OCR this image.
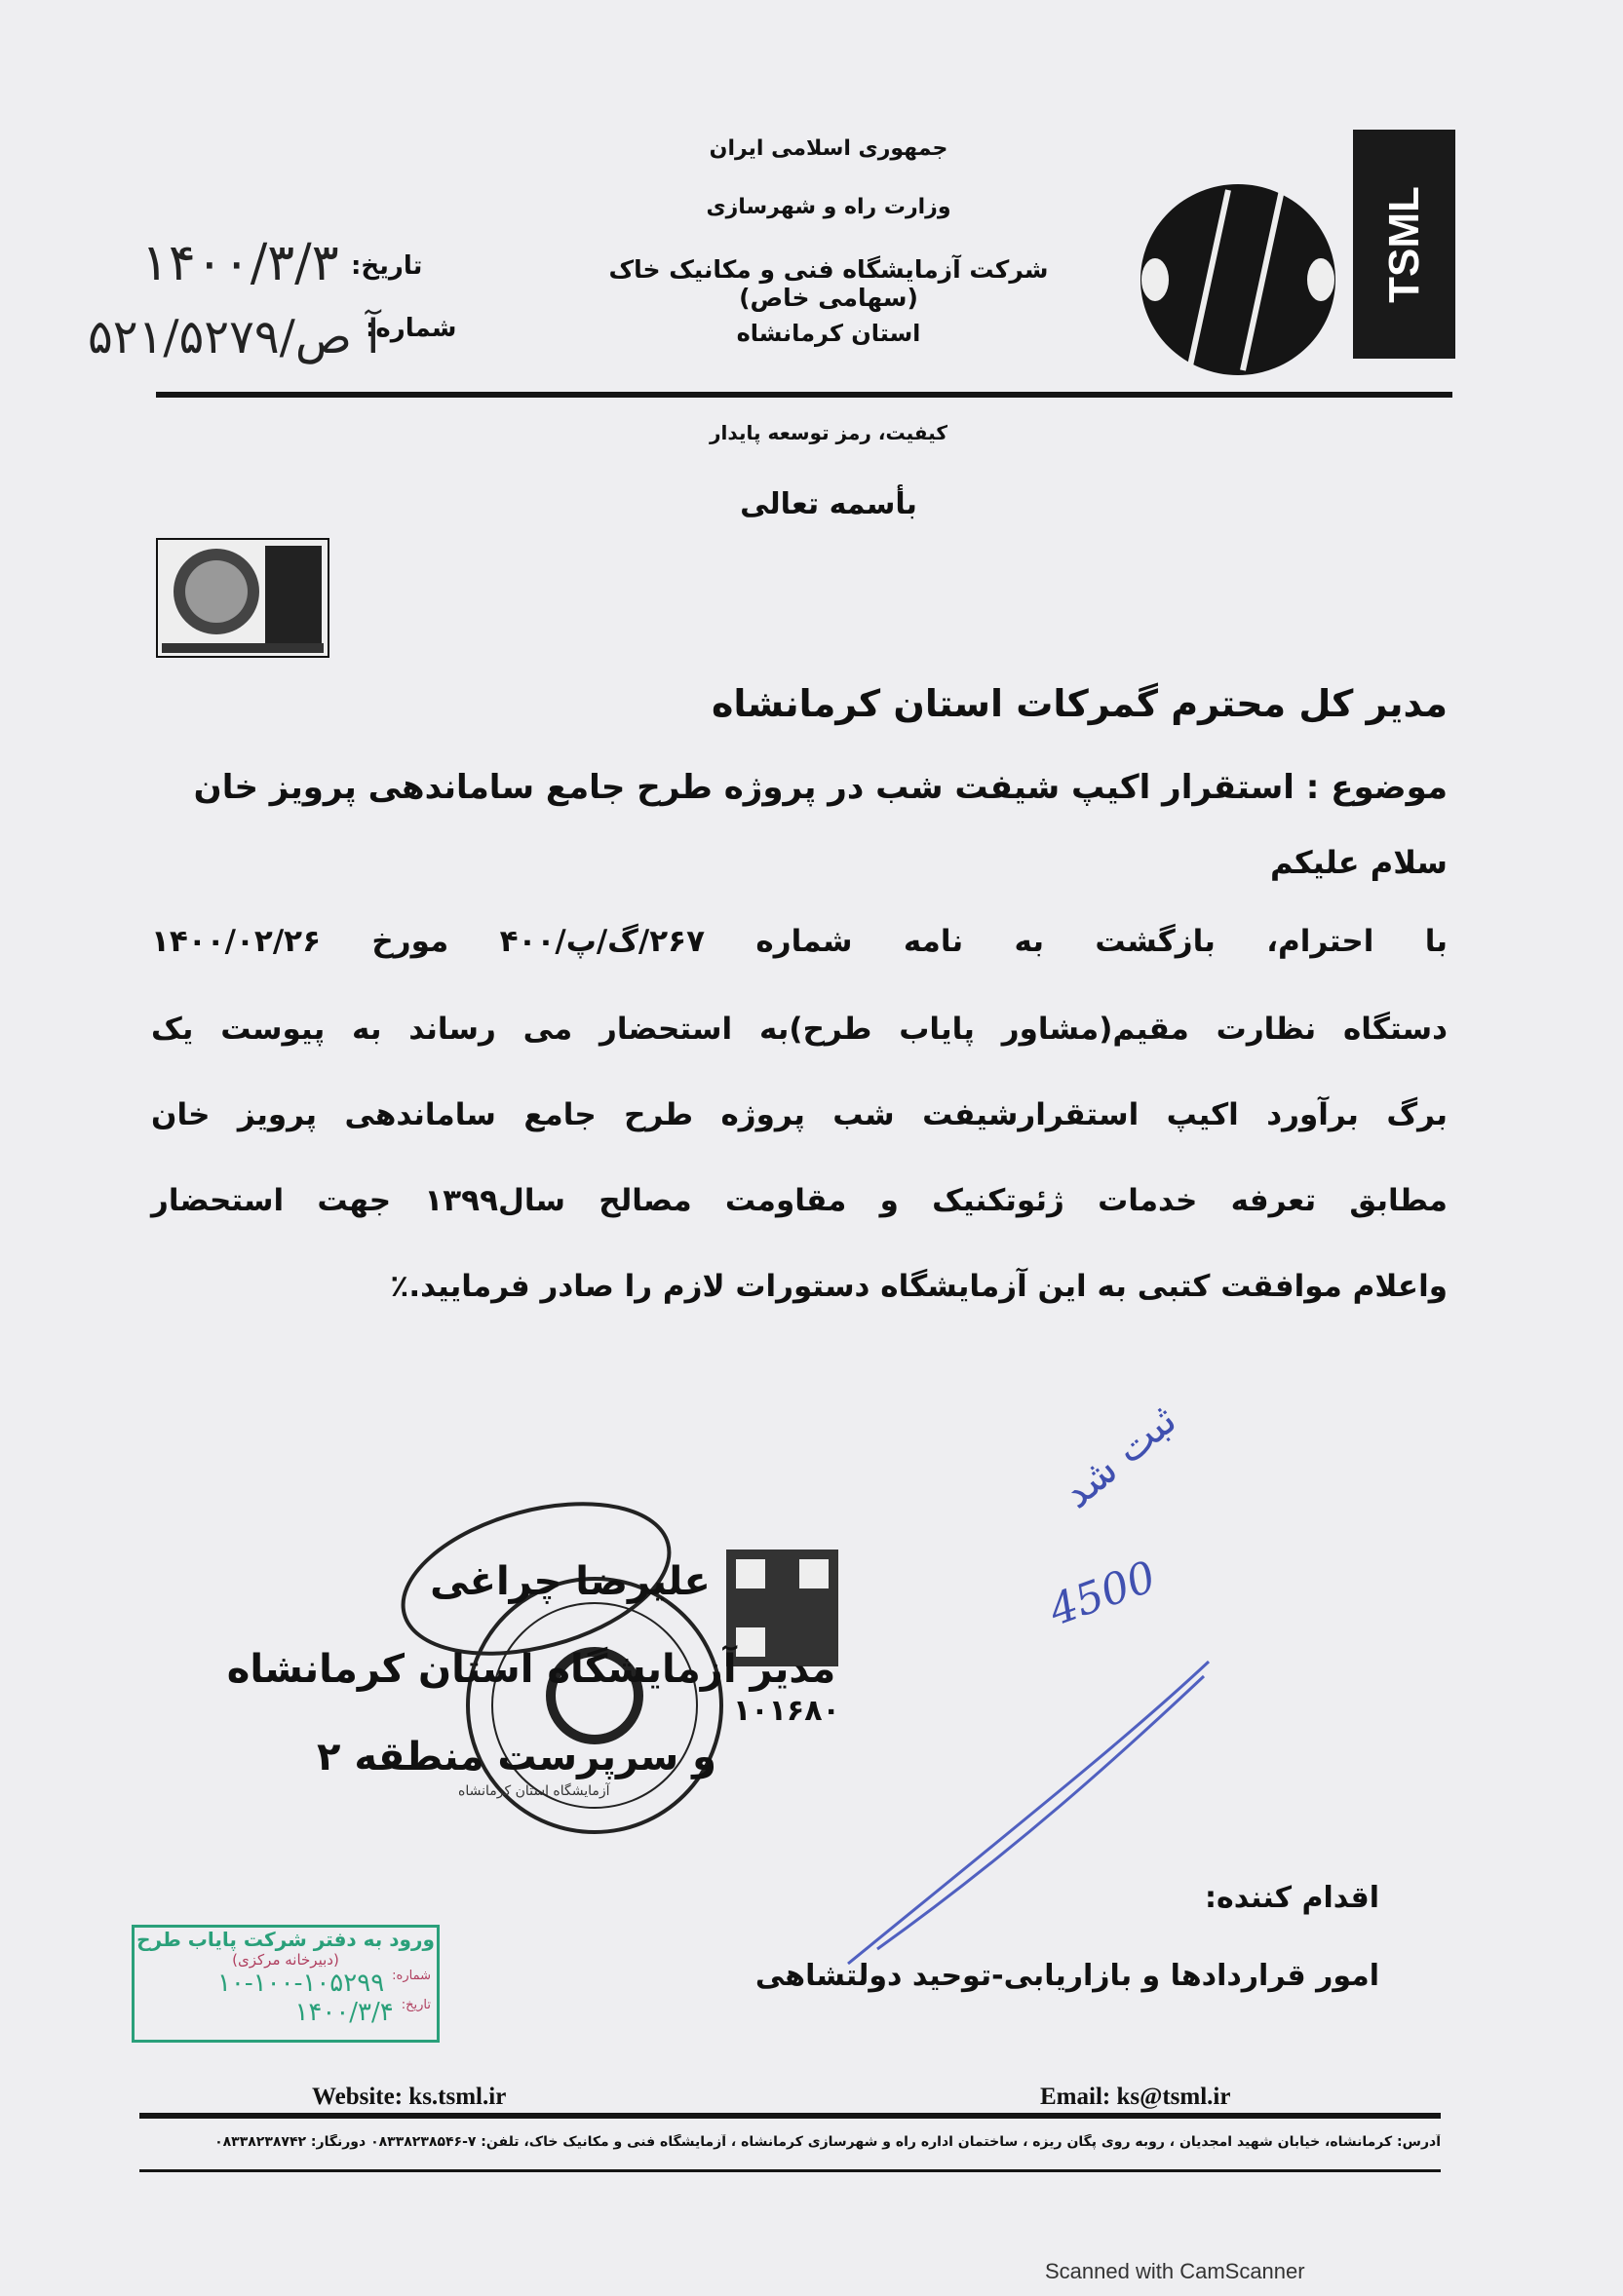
جمهوری اسلامی ایران
وزارت راه و شهرسازی
شرکت آزمایشگاه فنی و مکانیک خاک (سهامی خاص)
استان کرمانشاه
TSML
تاریخ:
۱۴۰۰/۳/۳
شماره:
آ ص/۵۲۱/۵۲۷۹
کیفیت، رمز توسعه پایدار
بأسمه تعالی
مدیر کل محترم گمرکات استان کرمانشاه
موضوع : استقرار اکیپ شیفت شب در پروژه طرح جامع ساماندهی پرویز خان
سلام علیکم
با احترام، بازگشت به نامه شماره ۲۶۷/گ/پ/۴۰۰ مورخ ۱۴۰۰/۰۲/۲۶
دستگاه نظارت مقیم(مشاور پایاب طرح)به استحضار می رساند به پیوست یک
برگ برآورد اکیپ استقرارشیفت شب پروژه طرح جامع ساماندهی پرویز خان
مطابق تعرفه خدمات ژئوتکنیک و مقاومت مصالح سال۱۳۹۹ جهت استحضار
واعلام موافقت کتبی به این آزمایشگاه دستورات لازم را صادر فرمایید.٪
علیرضا چراغی
مدیر آزمایشگاه استان کرمانشاه
و سرپرست منطقه ۲
۱۰۱۶۸۰
آزمایشگاه استان کرمانشاه
ثبت شد
4500
اقدام کننده:
امور قراردادها و بازاریابی-توحید دولتشاهی
ورود به دفتر شرکت پایاب طرح
(دبیرخانه مرکزی)
شماره:
۱۰-۱۰۰-۱۰۵۲۹۹
تاریخ:
۱۴۰۰/۳/۴
Website: ks.tsml.ir	Email: ks@tsml.ir
آدرس: کرمانشاه، خیابان شهید امجدیان ، روبه روی پگان ریزه ، ساختمان اداره راه و شهرسازی کرمانشاه ، آزمایشگاه فنی و مکانیک خاک، تلفن: ۷-۰۸۳۳۸۲۳۸۵۴۶ دورنگار: ۰۸۳۳۸۲۳۸۷۴۲
Scanned with CamScanner
